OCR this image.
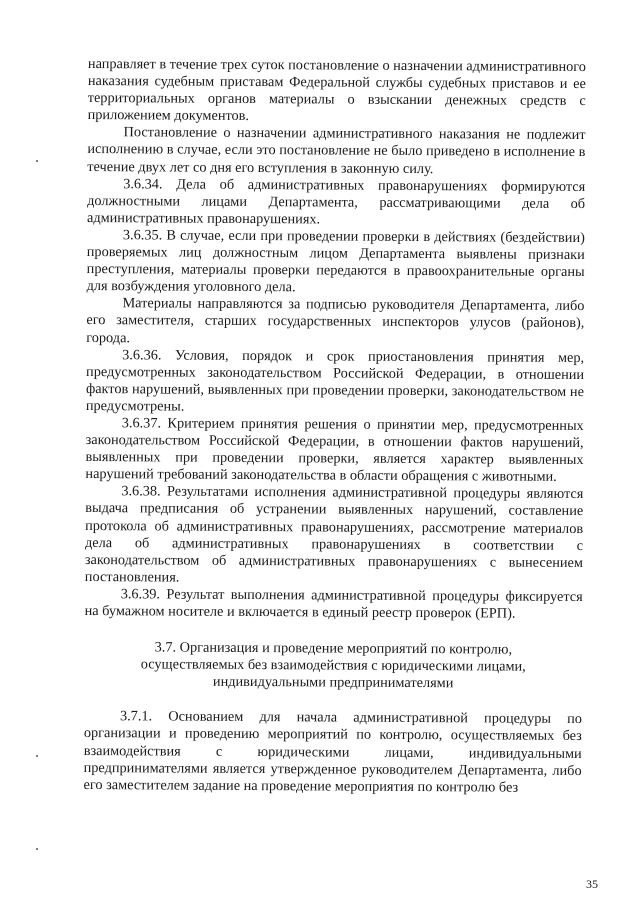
направляет в течение трех суток постановление о назначении административного наказания судебным приставам Федеральной службы судебных приставов и ее территориальных органов материалы о взыскании денежных средств с приложением документов.

Постановление о назначении административного наказания не подлежит исполнению в случае, если это постановление не было приведено в исполнение в течение двух лет со дня его вступления в законную силу.

3.6.34. Дела об административных правонарушениях формируются должностными лицами Департамента, рассматривающими дела об административных правонарушениях.

3.6.35. В случае, если при проведении проверки в действиях (бездействии) проверяемых лиц должностным лицом Департамента выявлены признаки преступления, материалы проверки передаются в правоохранительные органы для возбуждения уголовного дела.

Материалы направляются за подписью руководителя Департамента, либо его заместителя, старших государственных инспекторов улусов (районов), города.

3.6.36. Условия, порядок и срок приостановления принятия мер, предусмотренных законодательством Российской Федерации, в отношении фактов нарушений, выявленных при проведении проверки, законодательством не предусмотрены.

3.6.37. Критерием принятия решения о принятии мер, предусмотренных законодательством Российской Федерации, в отношении фактов нарушений, выявленных при проведении проверки, является характер выявленных нарушений требований законодательства в области обращения с животными.

3.6.38. Результатами исполнения административной процедуры являются выдача предписания об устранении выявленных нарушений, составление протокола об административных правонарушениях, рассмотрение материалов дела об административных правонарушениях в соответствии с законодательством об административных правонарушениях с вынесением постановления.

3.6.39. Результат выполнения административной процедуры фиксируется на бумажном носителе и включается в единый реестр проверок (ЕРП).

3.7. Организация и проведение мероприятий по контролю,
осуществляемых без взаимодействия с юридическими лицами,
индивидуальными предпринимателями

3.7.1. Основанием для начала административной процедуры по организации и проведению мероприятий по контролю, осуществляемых без взаимодействия с юридическими лицами, индивидуальными предпринимателями является утвержденное руководителем Департамента, либо его заместителем задание на проведение мероприятия по контролю без

35
